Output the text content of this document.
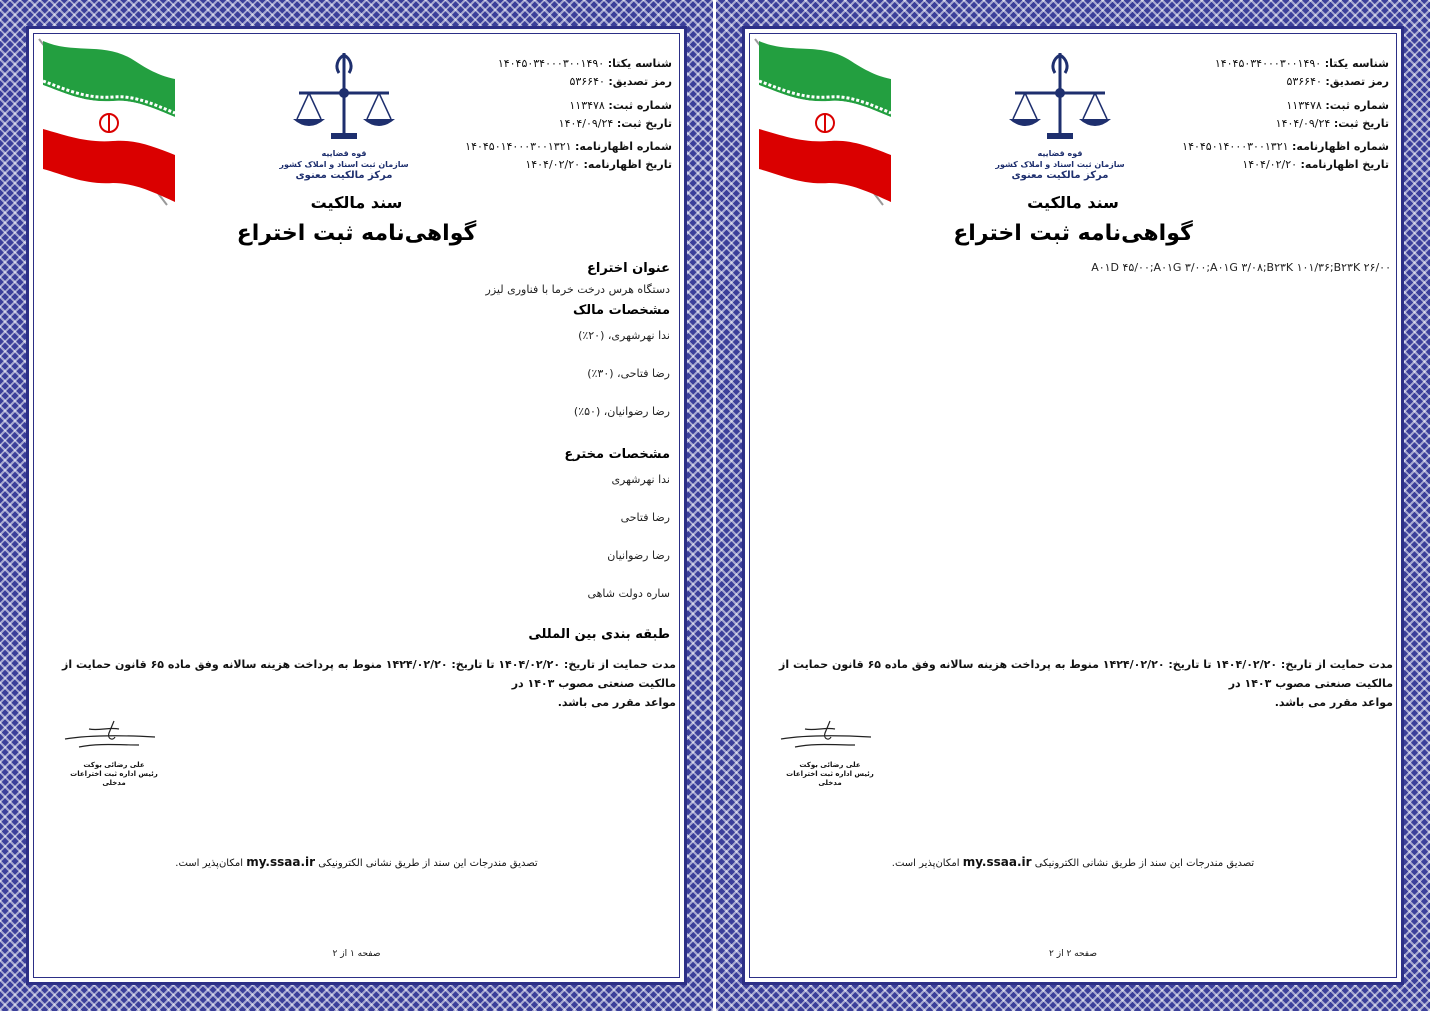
قوه قضاییه
سازمان ثبت اسناد و املاک کشور
مرکز مالکیت معنوی
شناسه یکتا: ۱۴۰۴۵۰۳۴۰۰۰۳۰۰۱۴۹۰
رمز تصدیق: ۵۳۶۶۴۰
شماره ثبت: ۱۱۳۴۷۸
تاریخ ثبت: ۱۴۰۴/۰۹/۲۴
شماره اظهارنامه: ۱۴۰۴۵۰۱۴۰۰۰۳۰۰۱۳۲۱
تاریخ اظهارنامه: ۱۴۰۴/۰۲/۲۰
سند مالکیت
گواهی‌نامه ثبت اختراع
عنوان اختراع
دستگاه هرس درخت خرما با فناوری لیزر
مشخصات مالک
ندا نهرشهری، (۲۰٪)
رضا فتاحی، (۳۰٪)
رضا رضوانیان، (۵۰٪)
مشخصات مخترع
ندا نهرشهری
رضا فتاحی
رضا رضوانیان
ساره دولت شاهی
طبقه بندی بین المللی
مدت حمایت از تاریخ: ۱۴۰۴/۰۲/۲۰ تا تاریخ: ۱۴۲۴/۰۲/۲۰ منوط به پرداخت هزینه سالانه وفق ماده ۶۵ قانون حمایت از مالکیت صنعتی مصوب ۱۴۰۳ در
مواعد مقرر می باشد.
علی رضائی بوکت
رئیس اداره ثبت اختراعات مدخلی
تصدیق مندرجات این سند از طریق نشانی الکترونیکی my.ssaa.ir امکان‌پذیر است.
صفحه ۱ از ۲
قوه قضاییه
سازمان ثبت اسناد و املاک کشور
مرکز مالکیت معنوی
شناسه یکتا: ۱۴۰۴۵۰۳۴۰۰۰۳۰۰۱۴۹۰
رمز تصدیق: ۵۳۶۶۴۰
شماره ثبت: ۱۱۳۴۷۸
تاریخ ثبت: ۱۴۰۴/۰۹/۲۴
شماره اظهارنامه: ۱۴۰۴۵۰۱۴۰۰۰۳۰۰۱۳۲۱
تاریخ اظهارنامه: ۱۴۰۴/۰۲/۲۰
سند مالکیت
گواهی‌نامه ثبت اختراع
A۰۱D ۴۵/۰۰;A۰۱G ۳/۰۰;A۰۱G ۳/۰۸;B۲۳K ۱۰۱/۳۶;B۲۳K ۲۶/۰۰
مدت حمایت از تاریخ: ۱۴۰۴/۰۲/۲۰ تا تاریخ: ۱۴۲۴/۰۲/۲۰ منوط به پرداخت هزینه سالانه وفق ماده ۶۵ قانون حمایت از مالکیت صنعتی مصوب ۱۴۰۳ در
مواعد مقرر می باشد.
علی رضائی بوکت
رئیس اداره ثبت اختراعات مدخلی
تصدیق مندرجات این سند از طریق نشانی الکترونیکی my.ssaa.ir امکان‌پذیر است.
صفحه ۲ از ۲
